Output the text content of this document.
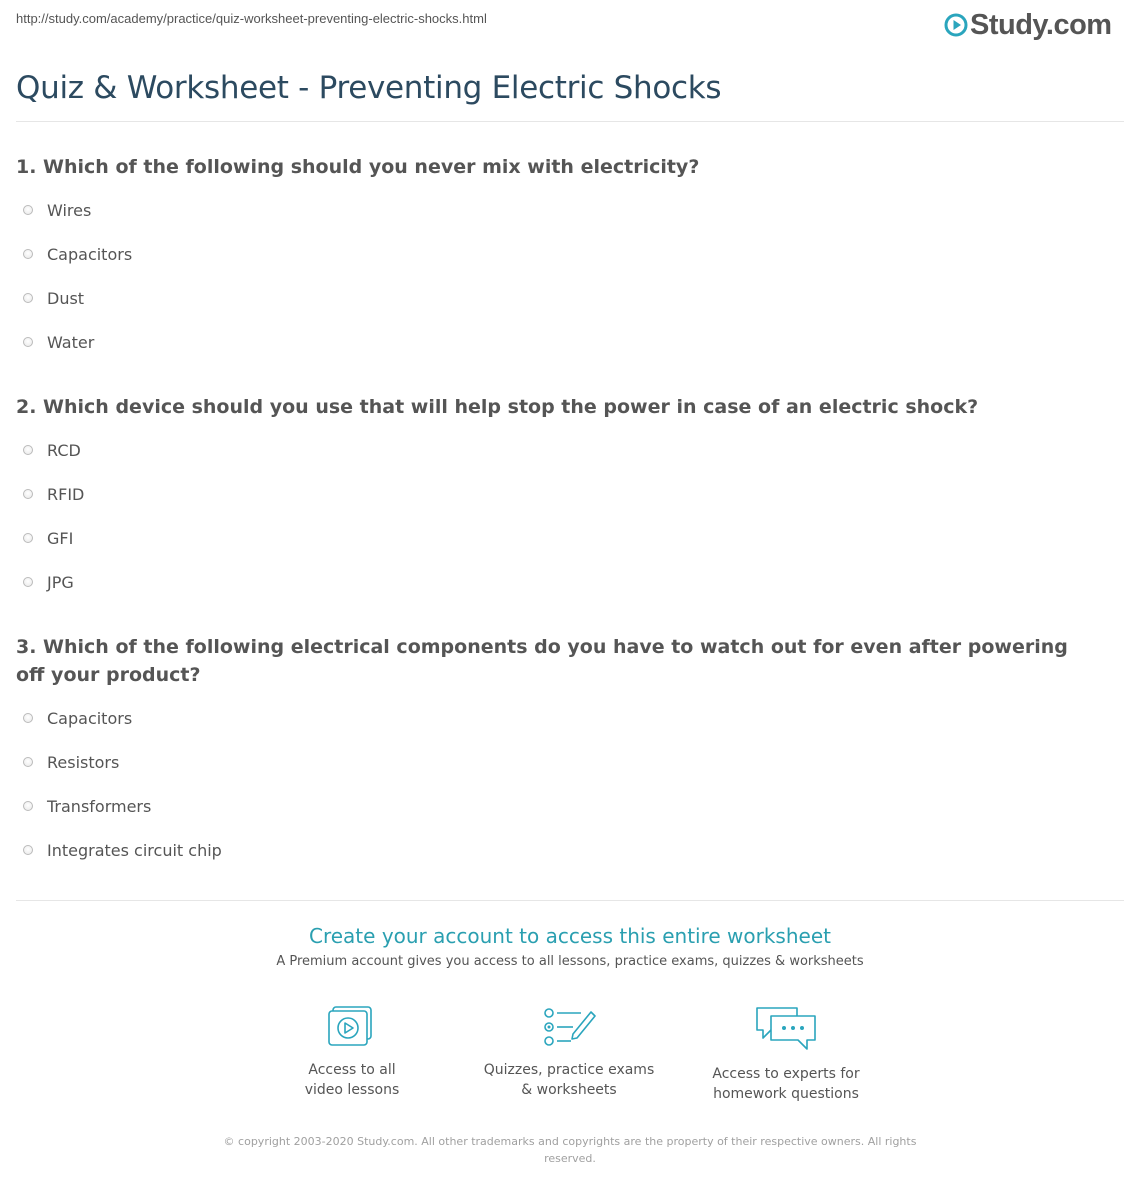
http://study.com/academy/practice/quiz-worksheet-preventing-electric-shocks.html	Study.com
Quiz & Worksheet - Preventing Electric Shocks

1. Which of the following should you never mix with electricity?

Wires
Capacitors
Dust
Water

2. Which device should you use that will help stop the power in case of an electric shock?

RCD
RFID
GFI
JPG

3. Which of the following electrical components do you have to watch out for even after powering off your product?

Capacitors
Resistors
Transformers
Integrates circuit chip
Create your account to access this entire worksheet
A Premium account gives you access to all lessons, practice exams, quizzes & worksheets
Access to all
video lessons
Quizzes, practice exams
& worksheets
Access to experts for
homework questions
© copyright 2003-2020 Study.com. All other trademarks and copyrights are the property of their respective owners. All rights reserved.
